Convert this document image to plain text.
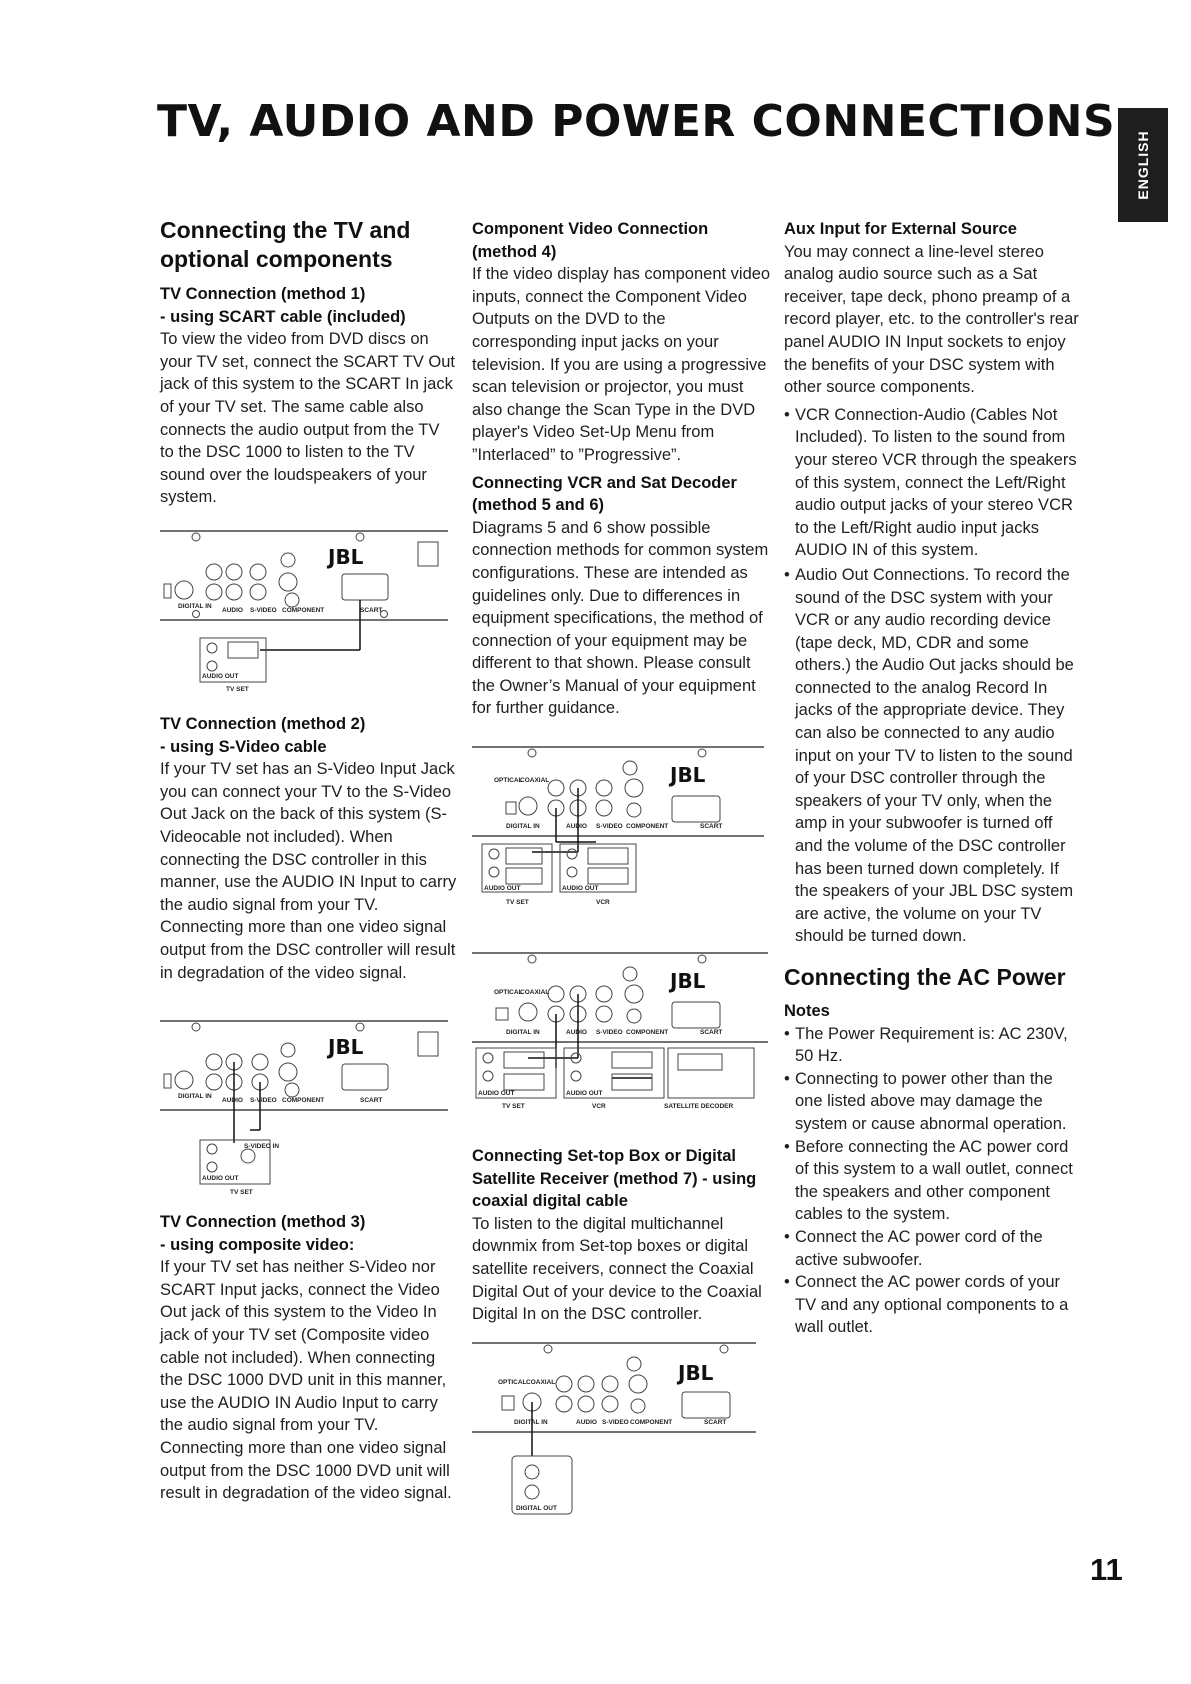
TV, AUDIO AND POWER CONNECTIONS
ENGLISH
Connecting the TV and
optional components
TV Connection (method 1)
- using SCART cable (included)

To view the video from DVD discs on your TV set, connect the SCART TV Out jack of this system to the SCART In jack of your TV set. The same cable also connects the audio output from the TV to the DSC 1000 to listen to the TV sound over the loudspeakers of your system.

TV Connection (method 2)
- using S-Video cable

If your TV set has an S-Video Input Jack you can connect your TV to the S-Video Out Jack on the back of this system (S-Videocable not included). When connecting the DSC controller in this manner, use the AUDIO IN Input to carry the audio signal from your TV. Connecting more than one video signal output from the DSC controller will result in degradation of the video signal.

TV Connection (method 3)
- using composite video:

If your TV set has neither S-Video nor SCART Input jacks, connect the Video Out jack of this system to the Video In jack of your TV set (Composite video cable not included). When connecting the DSC 1000 DVD unit in this manner, use the AUDIO IN Audio Input to carry the audio signal from your TV. Connecting more than one video signal output from the DSC 1000 DVD unit will result in degradation of the video signal.

Component Video Connection
(method 4)

If the video display has component video inputs, connect the Component Video Outputs on the DVD to the corresponding input jacks on your television. If you are using a progressive scan television or projector, you must also change the Scan Type in the DVD player's Video Set-Up Menu from ”Interlaced” to ”Progressive”.

Connecting VCR and Sat Decoder
(method 5 and 6)

Diagrams 5 and 6 show possible connection methods for common system configurations. These are intended as guidelines only. Due to differences in equipment specifications, the method of connection of your equipment may be different to that shown. Please consult the Owner’s Manual of your equipment for further guidance.

Connecting Set-top Box or Digital
Satellite Receiver (method 7) - using
coaxial digital cable

To listen to the digital multichannel downmix from Set-top boxes or digital satellite receivers, connect the Coaxial Digital Out of your device to the Coaxial Digital In on the DSC controller.

Aux Input for External Source

You may connect a line-level stereo analog audio source such as a Sat receiver, tape deck, phono preamp of a record player, etc. to the controller's rear panel AUDIO IN Input sockets to enjoy the benefits of your DSC system with other source components.

• VCR Connection-Audio (Cables Not Included). To listen to the sound from your stereo VCR through the speakers of this system, connect the Left/Right audio output jacks of your stereo VCR to the Left/Right audio input jacks AUDIO IN of this system.
• Audio Out Connections. To record the sound of the DSC system with your VCR or any audio recording device (tape deck, MD, CDR and some others.) the Audio Out jacks should be connected to the analog Record In jacks of the appropriate device. They can also be connected to any audio input on your TV to listen to the sound of your DSC controller through the speakers of your TV only, when the amp in your subwoofer is turned off and the volume of the DSC controller has been turned down completely. If the speakers of your JBL DSC system are active, the volume on your TV should be turned down.
Connecting the AC Power
Notes
• The Power Requirement is: AC 230V, 50 Hz.
• Connecting to power other than the one listed above may damage the system or cause abnormal operation.
• Before connecting the AC power cord of this system to a wall outlet, connect the speakers and other component cables to the system.
• Connect the AC power cord of the active subwoofer.
• Connect the AC power cords of your TV and any optional components to a wall outlet.
JBL
DIGITAL IN
AUDIO S-VIDEO COMPONENT	SCART
AUDIO OUT
TV SET
JBL
DIGITAL IN
AUDIO S-VIDEO COMPONENT	SCART
S-VIDEO IN
AUDIO OUT
TV SET
JBL
OPTICAL
COAXIAL
DIGITAL IN	AUDIO S-VIDEO COMPONENT	SCART
AUDIO OUT
TV SET
AUDIO OUT
VCR
JBL
OPTICAL
COAXIAL
DIGITAL IN	AUDIO S-VIDEO COMPONENT	SCART
AUDIO OUT
TV SET
AUDIO OUT
VCR	SATELLITE DECODER
JBL
OPTICAL COAXIAL
DIGITAL IN	AUDIO S-VIDEO COMPONENT	SCART
DIGITAL OUT
11
